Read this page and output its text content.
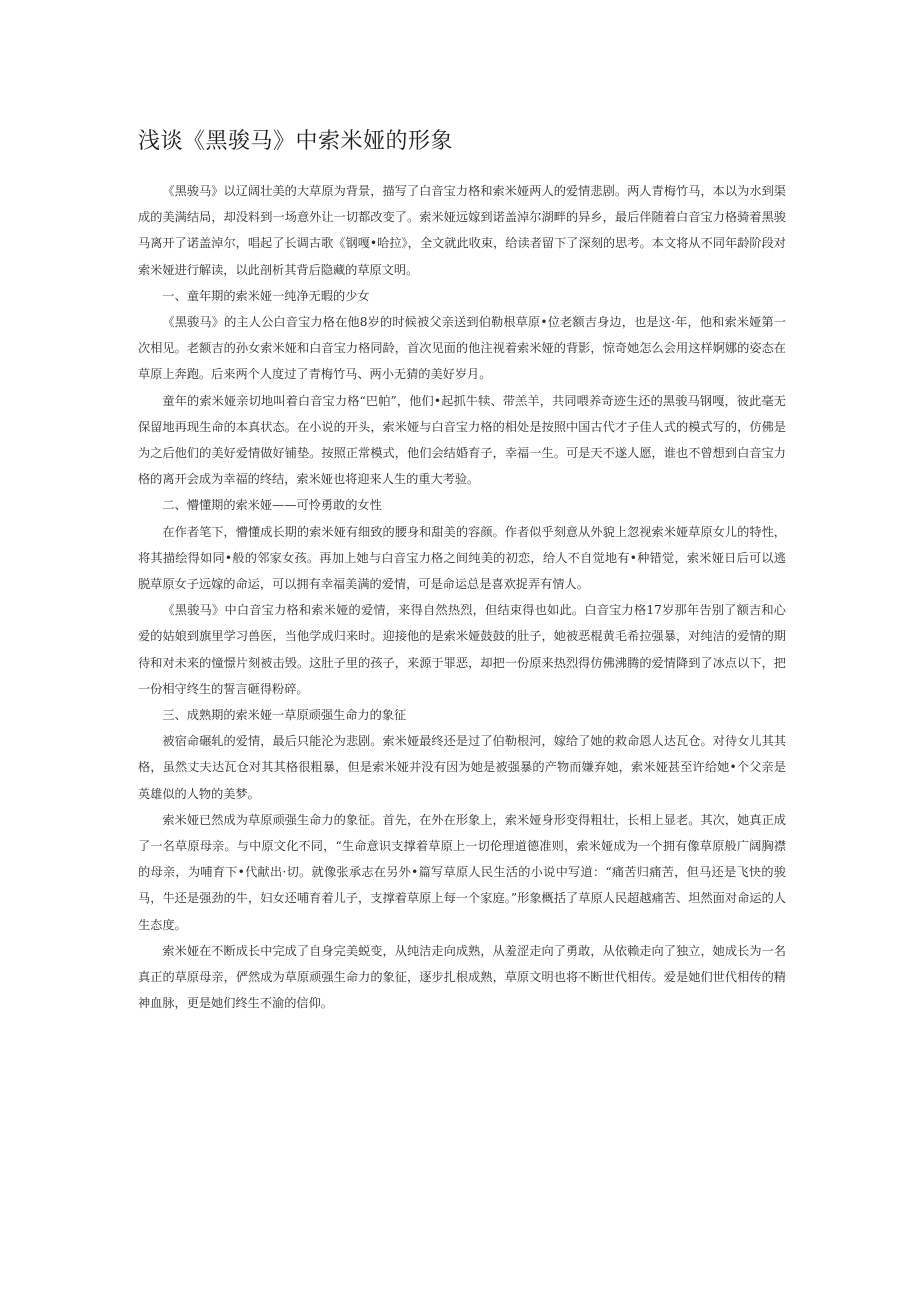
浅谈《黑骏马》中索米娅的形象

《黑骏马》以辽阔壮美的大草原为背景，描写了白音宝力格和索米娅两人的爱情悲剧。两人青梅竹马，本以为水到渠成的美满结局，却没料到一场意外让一切都改变了。索米娅远嫁到诺盖淖尔湖畔的异乡，最后伴随着白音宝力格骑着黑骏马离开了诺盖淖尔，唱起了长调古歌《钢嘎•哈拉》，全文就此收束，给读者留下了深刻的思考。本文将从不同年龄阶段对索米娅进行解读，以此剖析其背后隐藏的草原文明。

一、童年期的索米娅一纯净无暇的少女

《黑骏马》的主人公白音宝力格在他8岁的时候被父亲送到伯勒根草原•位老额吉身边，也是这·年，他和索米娅第一次相见。老额吉的孙女索米娅和白音宝力格同龄，首次见面的他注视着索米娅的背影，惊奇她怎么会用这样婀娜的姿态在草原上奔跑。后来两个人度过了青梅竹马、两小无猜的美好岁月。

童年的索米娅亲切地叫着白音宝力格“巴帕”，他们•起抓牛犊、带羔羊，共同喂养奇迹生还的黑骏马钢嘎，彼此毫无保留地再现生命的本真状态。在小说的开头，索米娅与白音宝力格的相处是按照中国古代才子佳人式的模式写的，仿佛是为之后他们的美好爱情做好铺垫。按照正常模式，他们会结婚育子，幸福一生。可是天不遂人愿，谁也不曾想到白音宝力格的离开会成为幸福的终结，索米娅也将迎来人生的重大考验。

二、懵懂期的索米娅——可怜勇敢的女性

在作者笔下，懵懂成长期的索米娅有细致的腰身和甜美的容颜。作者似乎刻意从外貌上忽视索米娅草原女儿的特性，将其描绘得如同•般的邻家女孩。再加上她与白音宝力格之间纯美的初恋，给人不自觉地有•种错觉，索米娅日后可以逃脱草原女子远嫁的命运，可以拥有幸福美满的爱情，可是命运总是喜欢捉弄有情人。

《黑骏马》中白音宝力格和索米娅的爱情，来得自然热烈，但结束得也如此。白音宝力格17岁那年告别了额吉和心爱的姑娘到旗里学习兽医，当他学成归来时。迎接他的是索米娅鼓鼓的肚子，她被恶棍黄毛希拉强暴，对纯洁的爱情的期待和对未来的憧憬片刻被击毁。这肚子里的孩子，来源于罪恶，却把一份原来热烈得仿佛沸腾的爱情降到了冰点以下，把一份相守终生的誓言砸得粉碎。

三、成熟期的索米娅一草原顽强生命力的象征

被宿命碾轧的爱情，最后只能沦为悲剧。索米娅最终还是过了伯勒根河，嫁给了她的救命恩人达瓦仓。对待女儿其其格，虽然丈夫达瓦仓对其其格很粗暴，但是索米娅并没有因为她是被强暴的产物而嫌弃她，索米娅甚至许给她•个父亲是英雄似的人物的美梦。

索米娅已然成为草原顽强生命力的象征。首先，在外在形象上，索米娅身形变得粗壮，长相上显老。其次，她真正成了一名草原母亲。与中原文化不同，“生命意识支撑着草原上一切伦理道德准则，索米娅成为一个拥有像草原般广阔胸襟的母亲，为哺育下•代献出·切。就像张承志在另外•篇写草原人民生活的小说中写道：“痛苦归痛苦，但马还是飞快的骏马，牛还是强劲的牛，妇女还哺育着儿子，支撑着草原上每一个家庭。”形象概括了草原人民超越痛苦、坦然面对命运的人生态度。

索米娅在不断成长中完成了自身完美蜕变，从纯洁走向成熟，从羞涩走向了勇敢，从依赖走向了独立，她成长为一名真正的草原母亲，俨然成为草原顽强生命力的象征，逐步扎根成熟，草原文明也将不断世代相传。爱是她们世代相传的精神血脉，更是她们终生不渝的信仰。
